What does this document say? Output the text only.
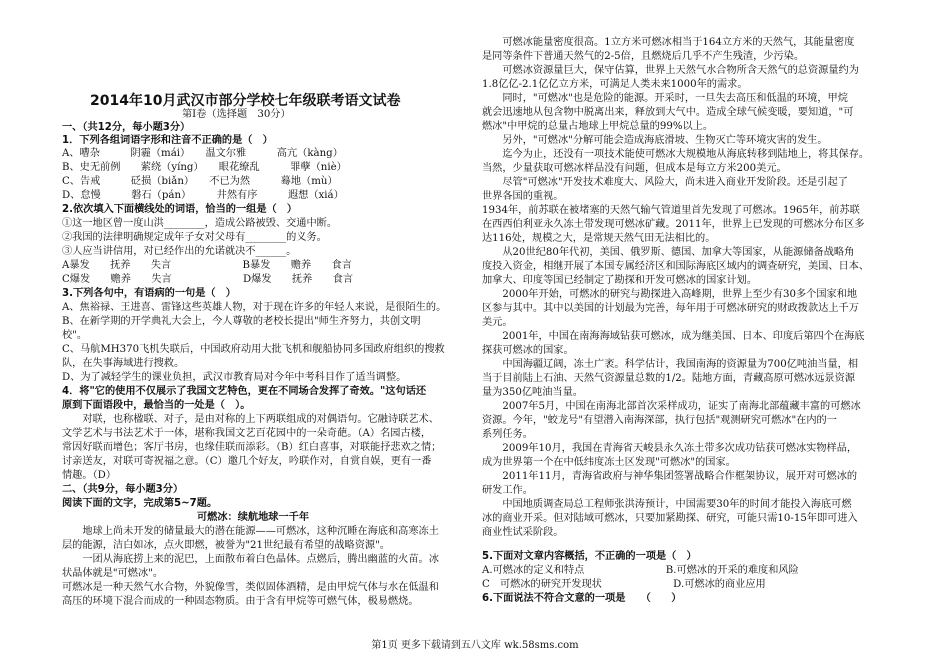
2014年10月武汉市部分学校七年级联考语文试卷
第Ⅰ卷（选择题　30分）
一、（共12分，每小题3分）
1．下列各组词语字形和注音不正确的是（　）
A、嘈杂　　　阴霾（mái）　　温文尔雅　　　高亢（kàng）
B、史无前例　　萦绕（yíng）　　眼花缭乱　　　罪孽（niè）
C、告戒　　　砭损（biǎn）　　不已为然　　　蓦地（mù）
D、怠慢　　　磐石（pán）　　　井然有序　　　遐想（xiá）
2.依次填入下面横线处的词语，恰当的一组是（　）
①这一地区曾一度山洪________，造成公路被毁、交通中断。
②我国的法律明确规定成年子女对父母有________的义务。
③人应当讲信用，对已经作出的允诺就决不______。
A暴发　　抚养　　失言　　　　　　　B暴发　　赡养　　食言
C爆发　　赡养　　失言　　　　　　　D爆发　　抚养　　食言
3.下列各句中，有语病的一句是（　）
A、焦裕禄、王进喜、雷锋这些英雄人物，对于现在许多的年轻人来说，是很陌生的。
B、在新学期的开学典礼大会上，今人尊敬的老校长提出"师生齐努力，共创文明
校"。
C、马航MH370飞机失联后，中国政府动用大批飞机和舰船协同多国政府组织的搜救
队，在失事海域进行搜救。
D、为了减轻学生的课业负担，武汉市教育局对今年中考科目作了适当调整。
4．将"它的使用不仅展示了我国文艺特色，更在不同场合发挥了奇效。"这句话还
原到下面语段中，最恰当的一处是（　）。
　　对联，也称楹联、对子，是由对称的上下两联组成的对偶语句。它融诗联艺术、
文学艺术与书法艺术于一体，堪称我国文艺百花园中的一朵奇葩。（A）名园古楼，
常因好联而增色；客厅书房，也缘佳联而添彩。（B）红白喜事，对联能抒悲欢之情；
讨亲送友，对联可寄祝福之意。（C）邀几个好友，吟联作对，自赏自娱，更有一番
情趣。（D）
二、（共9分，每小题3分）
阅读下面的文字，完成第5~7题。
可燃冰：续航地球一千年
　　地球上尚未开发的储量最大的潜在能源——可燃冰，这种沉睡在海底和高寒冻土
层的能源，洁白如冰，点火即燃，被誉为"21世纪最有希望的战略资源"。
　　一团从海底捞上来的泥巴，上面散布着白色晶体。点燃后，腾出幽蓝的火苗。冰
状晶体就是"可燃冰"。
可燃冰是一种天然气水合物，外貌像雪，类似固体酒精，是由甲烷气体与水在低温和
高压的环境下混合而成的一种固态物质。由于含有甲烷等可燃气体，极易燃烧。
　　可燃冰能量密度很高。1立方米可燃冰相当于164立方米的天然气，其能量密度
是同等条件下普通天然气的2-5倍，且燃烧后几乎不产生残渣，少污染。
　　可燃冰资源量巨大，保守估算，世界上天然气水合物所含天然气的总资源量约为
1.8亿亿-2.1亿亿立方米，可满足人类未来1000年的需求。
　　同时，"可燃冰"也是危险的能源。开采时，一旦失去高压和低温的环境，甲烷
就会迅速地从包含物中脱离出来，释放到大气中。造成全球气候变暖，要知道，"可
燃冰"中甲烷的总量占地球上甲烷总量的99%以上。
　　另外，"可燃冰"分解可能会造成海底滑坡、生物灭亡等环境灾害的发生。
　　迄今为止，还没有一项技术能使可燃冰大规模地从海底转移到陆地上，将其保存。
当然，少量获取可燃冰样品没有问题，但成本是每立方米200美元。
　　尽管"可燃冰"开发技术难度大、风险大，尚未进入商业开发阶段。还是引起了
世界各国的重视。
1934年，前苏联在被堵塞的天然气输气管道里首先发现了可燃冰。1965年，前苏联
在西西伯利亚永久冻土带发现可燃冰矿藏。2011年，世界上已发现的可燃冰分布区多
达116处，规模之大，是常规天然气田无法相比的。
　　从20世纪80年代初，美国、俄罗斯、德国、加拿大等国家，从能源储备战略角
度投入资金，相继开展了本国专属经济区和国际海底区域内的调查研究，美国、日本、
加拿大、印度等国已经制定了勘探和开发可燃冰的国家计划。
　　2000年开始，可燃冰的研究与勘探进入高峰期，世界上至少有30多个国家和地
区参与其中。其中以美国的计划最为完善，每年用于可燃冰研究的财政拨款达上千万
美元。
　　2001年，中国在南海海域钻获可燃冰，成为继美国、日本、印度后第四个在海底
探获可燃冰的国家。
　　中国海疆辽阔，冻土广袤。科学估计，我国南海的资源量为700亿吨油当量，相
当于目前陆上石油、天然气资源量总数的1/2。陆地方面，青藏高原可燃冰远景资源
量为350亿吨油当量。
　　2007年5月，中国在南海北部首次采样成功，证实了南海北部蕴藏丰富的可燃冰
资源。今年，"蛟龙号"有望潜入南海深部，执行包括"观测研究可燃冰"在内的一
系列任务。
　　2009年10月，我国在青海省天峻县永久冻土带多次成功钻获可燃冰实物样品，
成为世界第一个在中低纬度冻土区发现"可燃冰"的国家。
　　2011年11月，青海省政府与神华集团签署战略合作框架协议，展开对可燃冰的
研发工作。
　　中国地质调查局总工程师张洪涛预计，中国需要30年的时间才能投入海底可燃
冰的商业开采。但对陆域可燃冰，只要加紧勘探、研究，可能只需10-15年即可进入
商业性试采阶段。
5.下面对文章内容概括，不正确的一项是（　）
A.可燃冰的定义和特点　　　　　　　　B.可燃冰的开采的难度和风险
C　可燃冰的研究开发现状　　　　　　　D.可燃冰的商业应用
6.下面说法不符合文意的一项是　　（　　）
第1页 更多下载请到五八文库 wk.58sms.com
